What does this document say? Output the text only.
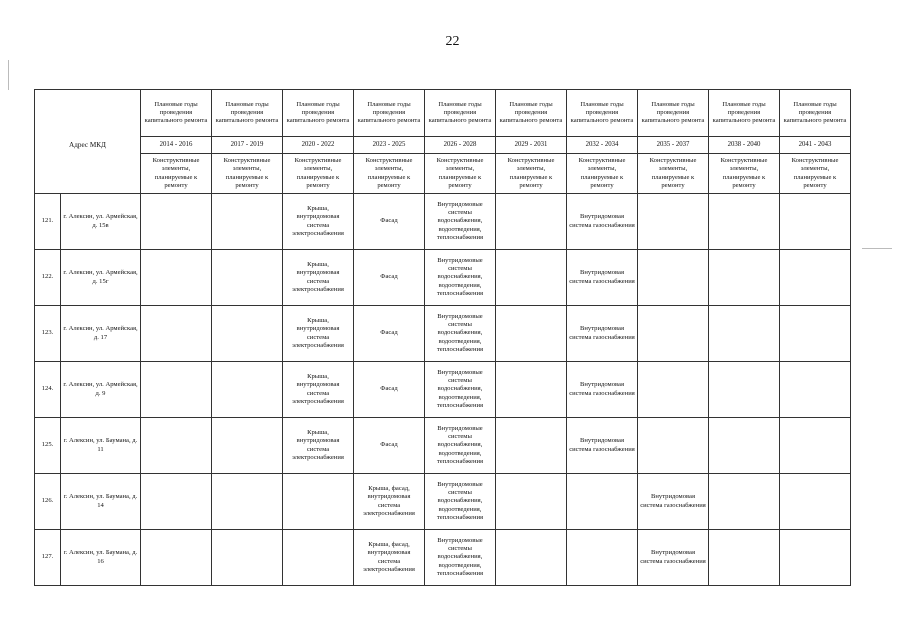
22
		Плановые годы проведения капитального ремонта	Плановые годы проведения капитального ремонта	Плановые годы проведения капитального ремонта	Плановые годы проведения капитального ремонта	Плановые годы проведения капитального ремонта	Плановые годы проведения капитального ремонта	Плановые годы проведения капитального ремонта	Плановые годы проведения капитального ремонта	Плановые годы проведения капитального ремонта	Плановые годы проведения капитального ремонта
Адрес МКД		2014 - 2016	2017 - 2019	2020 - 2022	2023 - 2025	2026 - 2028	2029 - 2031	2032 - 2034	2035 - 2037	2038 - 2040	2041 - 2043
		Конструктивные элементы, планируемые к ремонту	Конструктивные элементы, планируемые к ремонту	Конструктивные элементы, планируемые к ремонту	Конструктивные элементы, планируемые к ремонту	Конструктивные элементы, планируемые к ремонту	Конструктивные элементы, планируемые к ремонту	Конструктивные элементы, планируемые к ремонту	Конструктивные элементы, планируемые к ремонту	Конструктивные элементы, планируемые к ремонту	Конструктивные элементы, планируемые к ремонту
121.	г. Алексин, ул. Армейская, д. 15в			Крыша, внутридомовая система электроснабжения	Фасад	Внутридомовые системы водоснабжения, водоотведения, теплоснабжения		Внутридомовая система газоснабжения			
122.	г. Алексин, ул. Армейская, д. 15г			Крыша, внутридомовая система электроснабжения	Фасад	Внутридомовые системы водоснабжения, водоотведения, теплоснабжения		Внутридомовая система газоснабжения			
123.	г. Алексин, ул. Армейская, д. 17			Крыша, внутридомовая система электроснабжения	Фасад	Внутридомовые системы водоснабжения, водоотведения, теплоснабжения		Внутридомовая система газоснабжения			
124.	г. Алексин, ул. Армейская, д. 9			Крыша, внутридомовая система электроснабжения	Фасад	Внутридомовые системы водоснабжения, водоотведения, теплоснабжения		Внутридомовая система газоснабжения			
125.	г. Алексин, ул. Баумана, д. 11			Крыша, внутридомовая система электроснабжения	Фасад	Внутридомовые системы водоснабжения, водоотведения, теплоснабжения		Внутридомовая система газоснабжения			
126.	г. Алексин, ул. Баумана, д. 14				Крыша, фасад, внутридомовая система электроснабжения	Внутридомовые системы водоснабжения, водоотведения, теплоснабжения			Внутридомовая система газоснабжения		
127.	г. Алексин, ул. Баумана, д. 16				Крыша, фасад, внутридомовая система электроснабжения	Внутридомовые системы водоснабжения, водоотведения, теплоснабжения			Внутридомовая система газоснабжения		
